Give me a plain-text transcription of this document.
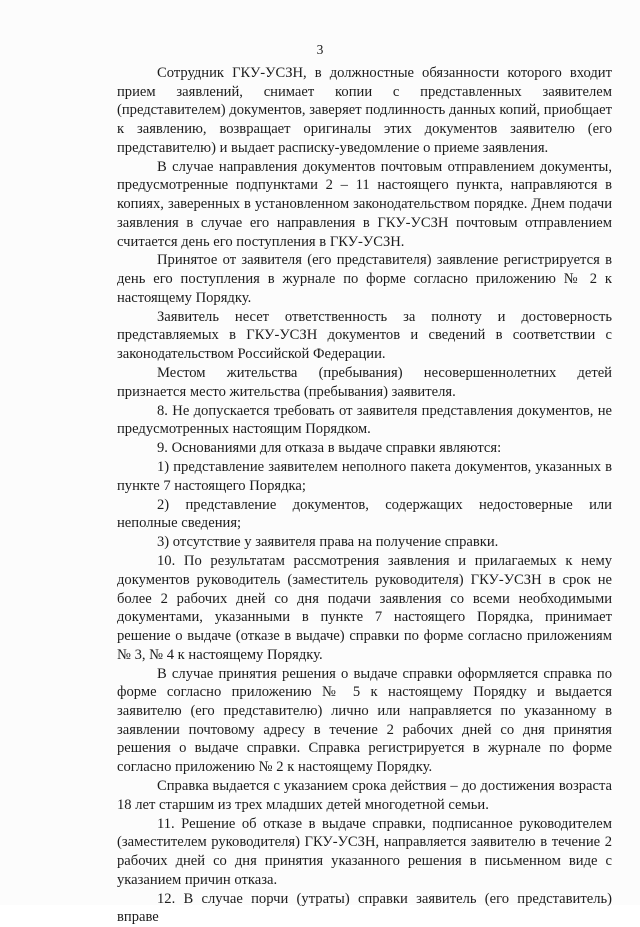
3

Сотрудник ГКУ-УСЗН, в должностные обязанности которого входит прием заявлений, снимает копии с представленных заявителем (представителем) документов, заверяет подлинность данных копий, приобщает к заявлению, возвращает оригиналы этих документов заявителю (его представителю) и выдает расписку-уведомление о приеме заявления.

В случае направления документов почтовым отправлением документы, предусмотренные подпунктами 2 – 11 настоящего пункта, направляются в копиях, заверенных в установленном законодательством порядке. Днем подачи заявления в случае его направления в ГКУ-УСЗН почтовым отправлением считается день его поступления в ГКУ-УСЗН.

Принятое от заявителя (его представителя) заявление регистрируется в день его поступления в журнале по форме согласно приложению № 2 к настоящему Порядку.

Заявитель несет ответственность за полноту и достоверность представляемых в ГКУ-УСЗН документов и сведений в соответствии с законодательством Российской Федерации.

Местом жительства (пребывания) несовершеннолетних детей признается место жительства (пребывания) заявителя.

8. Не допускается требовать от заявителя представления документов, не предусмотренных настоящим Порядком.

9. Основаниями для отказа в выдаче справки являются:

1) представление заявителем неполного пакета документов, указанных в пункте 7 настоящего Порядка;

2) представление документов, содержащих недостоверные или неполные сведения;

3) отсутствие у заявителя права на получение справки.

10. По результатам рассмотрения заявления и прилагаемых к нему документов руководитель (заместитель руководителя) ГКУ-УСЗН в срок не более 2 рабочих дней со дня подачи заявления со всеми необходимыми документами, указанными в пункте 7 настоящего Порядка, принимает решение о выдаче (отказе в выдаче) справки по форме согласно приложениям № 3, № 4 к настоящему Порядку.

В случае принятия решения о выдаче справки оформляется справка по форме согласно приложению № 5 к настоящему Порядку и выдается заявителю (его представителю) лично или направляется по указанному в заявлении почтовому адресу в течение 2 рабочих дней со дня принятия решения о выдаче справки. Справка регистрируется в журнале по форме согласно приложению № 2 к настоящему Порядку.

Справка выдается с указанием срока действия – до достижения возраста 18 лет старшим из трех младших детей многодетной семьи.

11. Решение об отказе в выдаче справки, подписанное руководителем (заместителем руководителя) ГКУ-УСЗН, направляется заявителю в течение 2 рабочих дней со дня принятия указанного решения в письменном виде с указанием причин отказа.

12. В случае порчи (утраты) справки заявитель (его представитель) вправе
